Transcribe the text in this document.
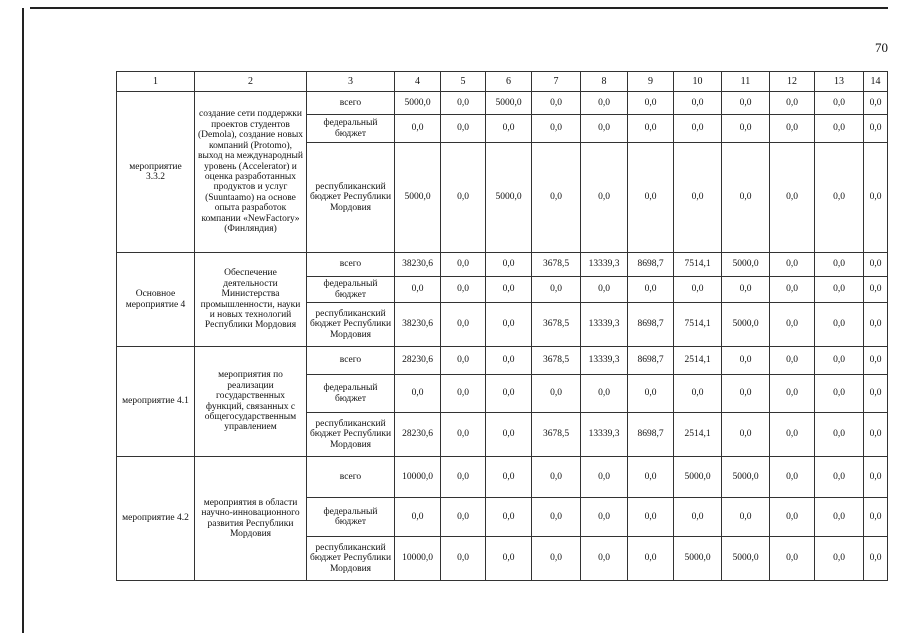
70
1	2	3	4	5	6	7	8	9	10	11	12	13	14
мероприятие 3.3.2	создание сети поддержки проектов студентов (Demola), создание новых компаний (Protomo), выход на международный уровень (Accelerator) и оценка разработанных продуктов и услуг (Suuntaamo) на основе опыта разработок компании «NewFactory» (Финляндия)	всего	5000,0	0,0	5000,0	0,0	0,0	0,0	0,0	0,0	0,0	0,0	0,0
		федеральный бюджет	0,0	0,0	0,0	0,0	0,0	0,0	0,0	0,0	0,0	0,0	0,0
		республиканский бюджет Республики Мордовия	5000,0	0,0	5000,0	0,0	0,0	0,0	0,0	0,0	0,0	0,0	0,0
Основное мероприятие 4	Обеспечение деятельности Министерства промышленности, науки и новых технологий Республики Мордовия	всего	38230,6	0,0	0,0	3678,5	13339,3	8698,7	7514,1	5000,0	0,0	0,0	0,0
		федеральный бюджет	0,0	0,0	0,0	0,0	0,0	0,0	0,0	0,0	0,0	0,0	0,0
		республиканский бюджет Республики Мордовия	38230,6	0,0	0,0	3678,5	13339,3	8698,7	7514,1	5000,0	0,0	0,0	0,0
мероприятие 4.1	мероприятия по реализации государственных функций, связанных с общегосударственным управлением	всего	28230,6	0,0	0,0	3678,5	13339,3	8698,7	2514,1	0,0	0,0	0,0	0,0
		федеральный бюджет	0,0	0,0	0,0	0,0	0,0	0,0	0,0	0,0	0,0	0,0	0,0
		республиканский бюджет Республики Мордовия	28230,6	0,0	0,0	3678,5	13339,3	8698,7	2514,1	0,0	0,0	0,0	0,0
мероприятие 4.2	мероприятия в области научно-инновационного развития Республики Мордовия	всего	10000,0	0,0	0,0	0,0	0,0	0,0	5000,0	5000,0	0,0	0,0	0,0
		федеральный бюджет	0,0	0,0	0,0	0,0	0,0	0,0	0,0	0,0	0,0	0,0	0,0
		республиканский бюджет Республики Мордовия	10000,0	0,0	0,0	0,0	0,0	0,0	5000,0	5000,0	0,0	0,0	0,0
